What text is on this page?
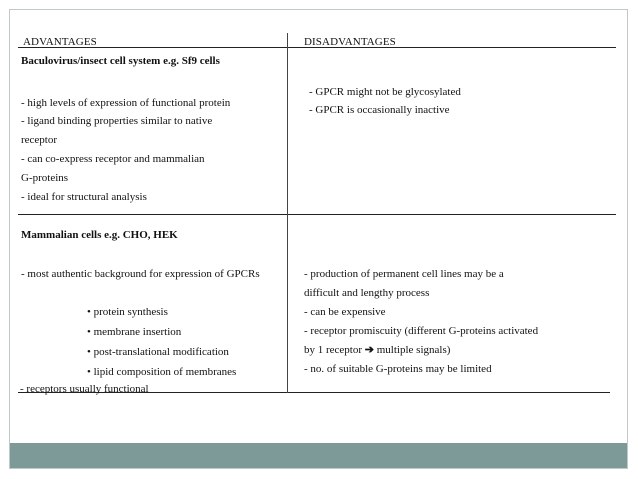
ADVANTAGES	DISADVANTAGES
Baculovirus/insect cell system e.g. Sf9 cells
- high levels of expression of functional protein
- ligand binding properties similar to native
receptor
- can co-express receptor and mammalian
G-proteins
- ideal for structural analysis
- GPCR might not be glycosylated
- GPCR is occasionally inactive
Mammalian cells e.g. CHO, HEK
- most authentic background for expression of GPCRs
• protein synthesis
• membrane insertion
• post-translational modification
• lipid composition of membranes
- receptors usually functional
- production of permanent cell lines may be a
difficult and lengthy process
- can be expensive
- receptor promiscuity (different G-proteins activated
by 1 receptor ➔ multiple signals)
- no. of suitable G-proteins may be limited
